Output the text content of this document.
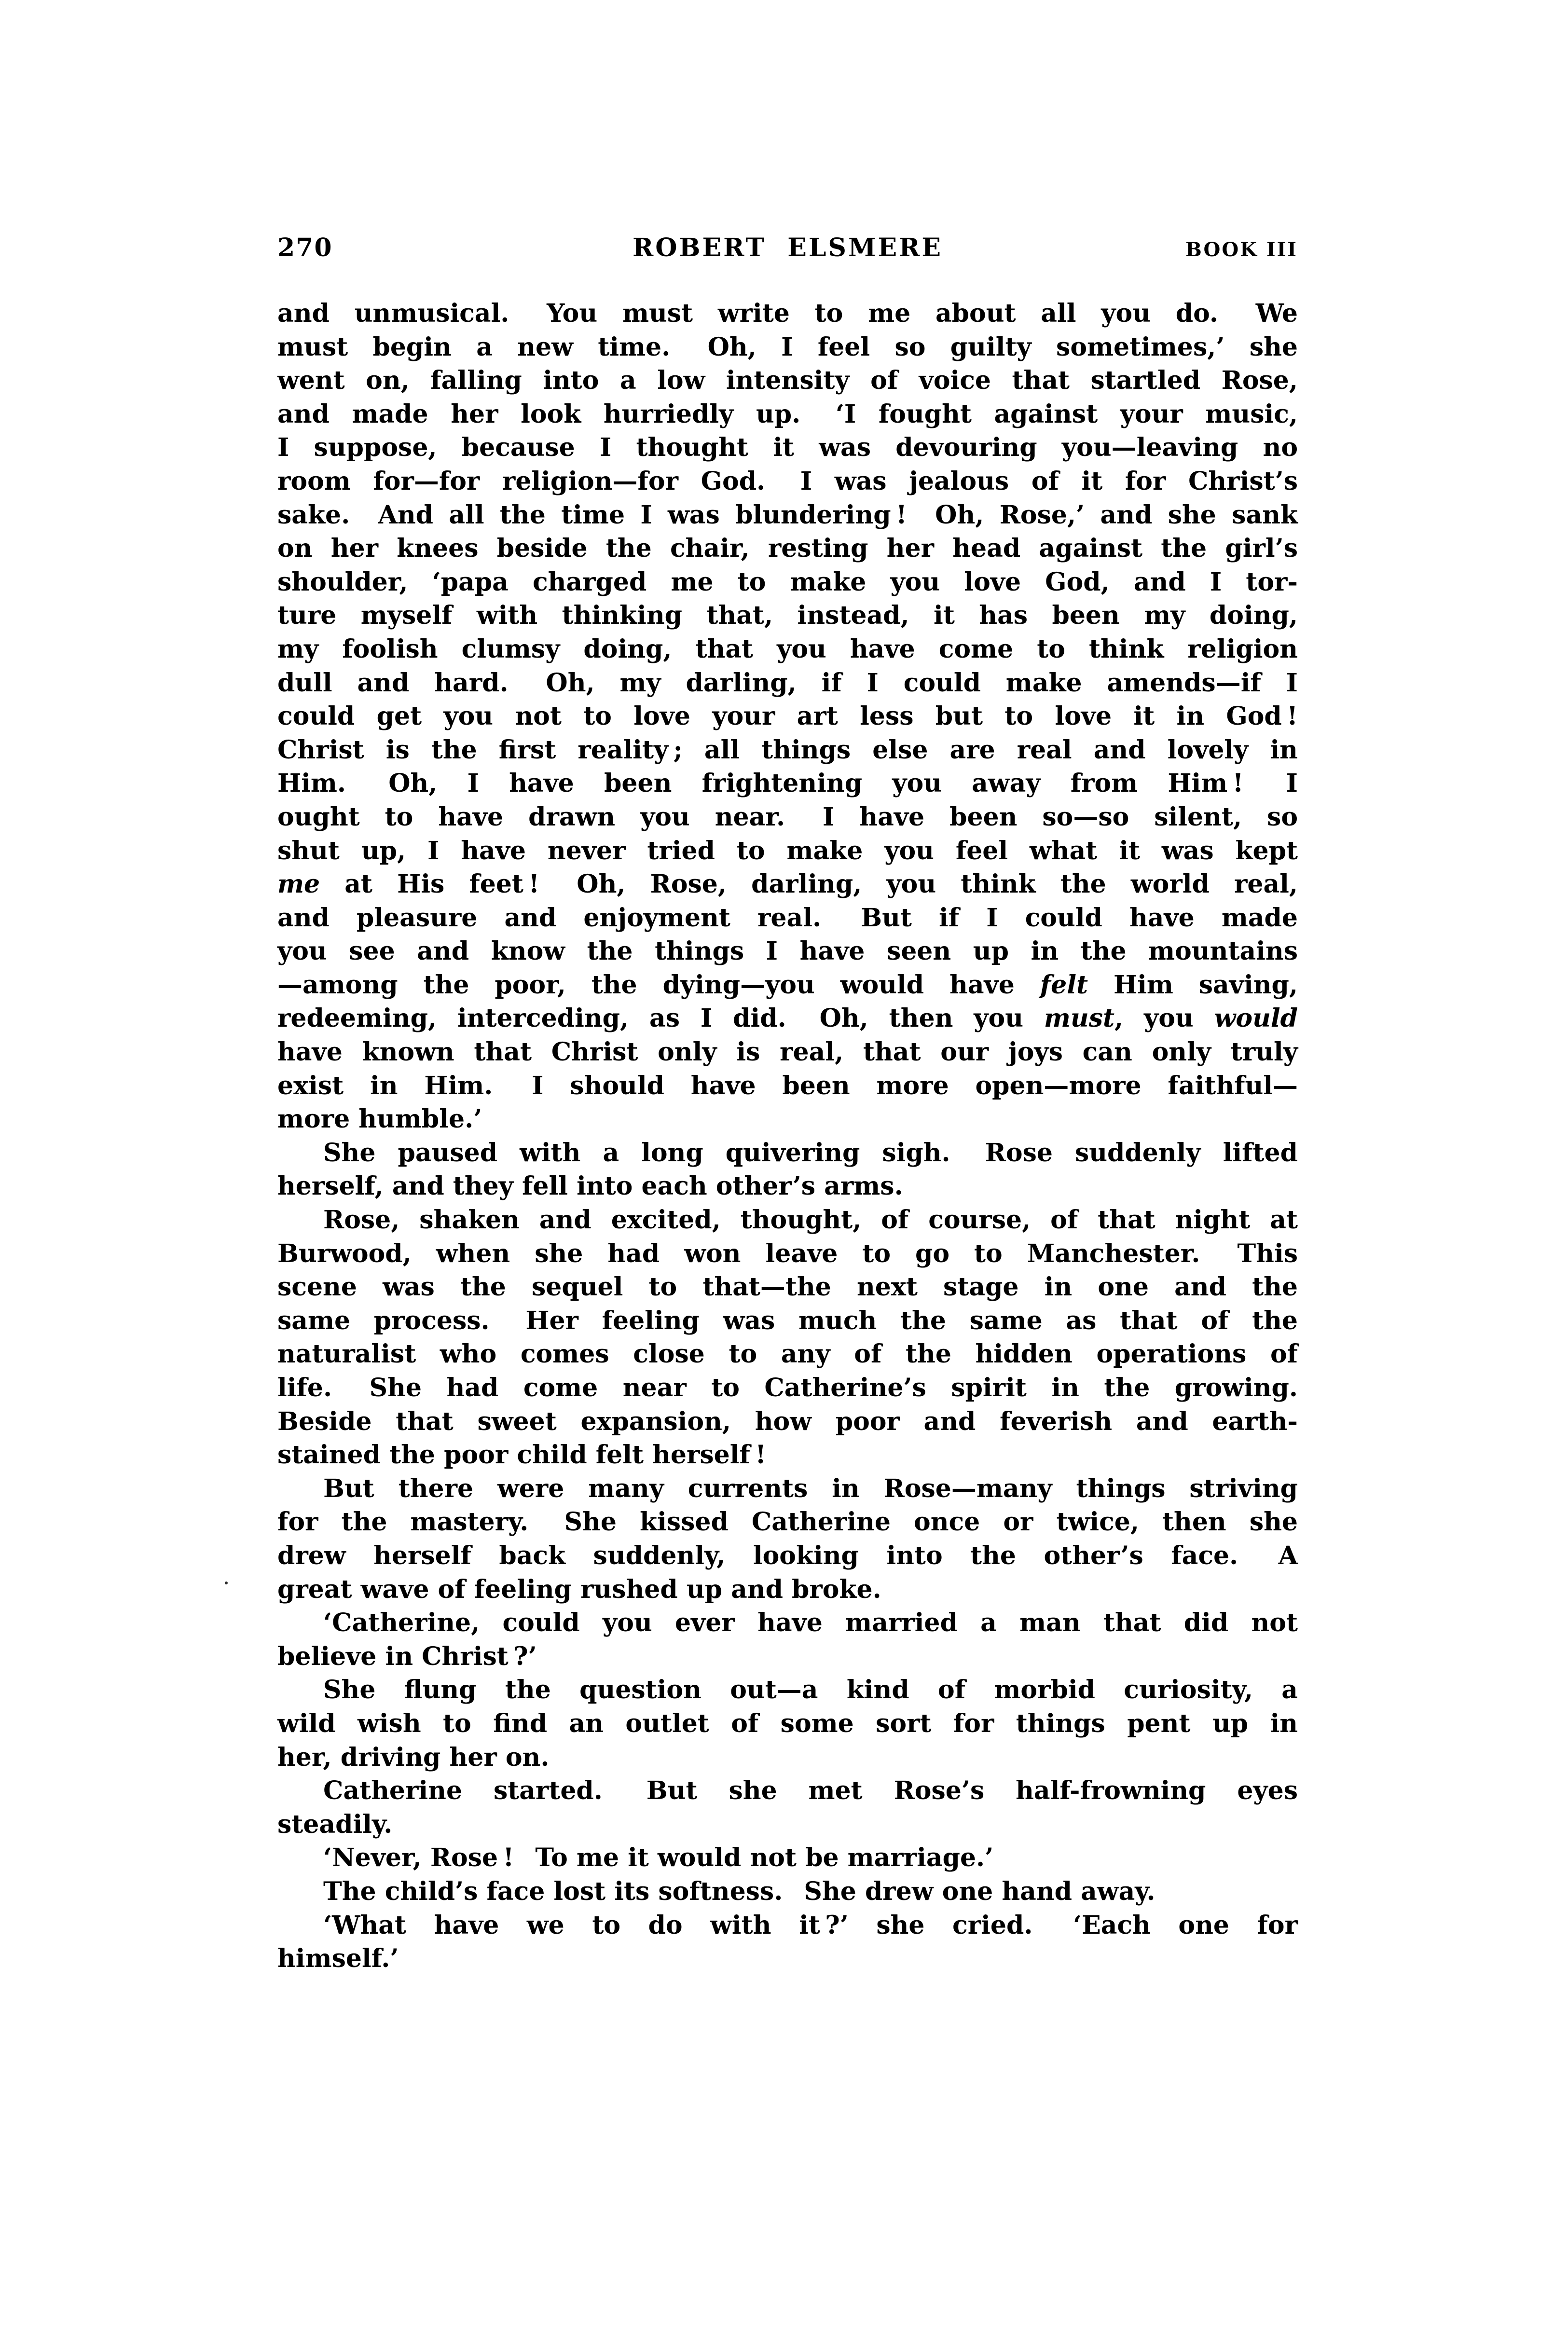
270	ROBERT ELSMERE	BOOK III
and unmusical.  You must write to me about all you do.  We
must begin a new time.  Oh, I feel so guilty sometimes,’ she
went on, falling into a low intensity of voice that startled Rose,
and made her look hurriedly up.  ‘I fought against your music,
I suppose, because I thought it was devouring you—leaving no
room for—for religion—for God.  I was jealous of it for Christ’s
sake.  And all the time I was blundering !  Oh, Rose,’ and she sank
on her knees beside the chair, resting her head against the girl’s
shoulder, ‘papa charged me to make you love God, and I tor-
ture myself with thinking that, instead, it has been my doing,
my foolish clumsy doing, that you have come to think religion
dull and hard.  Oh, my darling, if I could make amends—if I
could get you not to love your art less but to love it in God !
Christ is the first reality ; all things else are real and lovely in
Him.  Oh, I have been frightening you away from Him !  I
ought to have drawn you near.  I have been so—so silent, so
shut up, I have never tried to make you feel what it was kept
me at His feet !  Oh, Rose, darling, you think the world real,
and pleasure and enjoyment real.  But if I could have made
you see and know the things I have seen up in the mountains
—among the poor, the dying—you would have felt Him saving,
redeeming, interceding, as I did.  Oh, then you must, you would
have known that Christ only is real, that our joys can only truly
exist in Him.  I should have been more open—more faithful—
more humble.’
She paused with a long quivering sigh.  Rose suddenly lifted
herself, and they fell into each other’s arms.
Rose, shaken and excited, thought, of course, of that night at
Burwood, when she had won leave to go to Manchester.  This
scene was the sequel to that—the next stage in one and the
same process.  Her feeling was much the same as that of the
naturalist who comes close to any of the hidden operations of
life.  She had come near to Catherine’s spirit in the growing.
Beside that sweet expansion, how poor and feverish and earth-
stained the poor child felt herself !
But there were many currents in Rose—many things striving
for the mastery.  She kissed Catherine once or twice, then she
drew herself back suddenly, looking into the other’s face.  A
great wave of feeling rushed up and broke.
‘Catherine, could you ever have married a man that did not
believe in Christ ?’
She flung the question out—a kind of morbid curiosity, a
wild wish to find an outlet of some sort for things pent up in
her, driving her on.
Catherine started.  But she met Rose’s half-frowning eyes
steadily.
‘Never, Rose !  To me it would not be marriage.’
The child’s face lost its softness.  She drew one hand away.
‘What have we to do with it ?’ she cried.  ‘Each one for
himself.’
